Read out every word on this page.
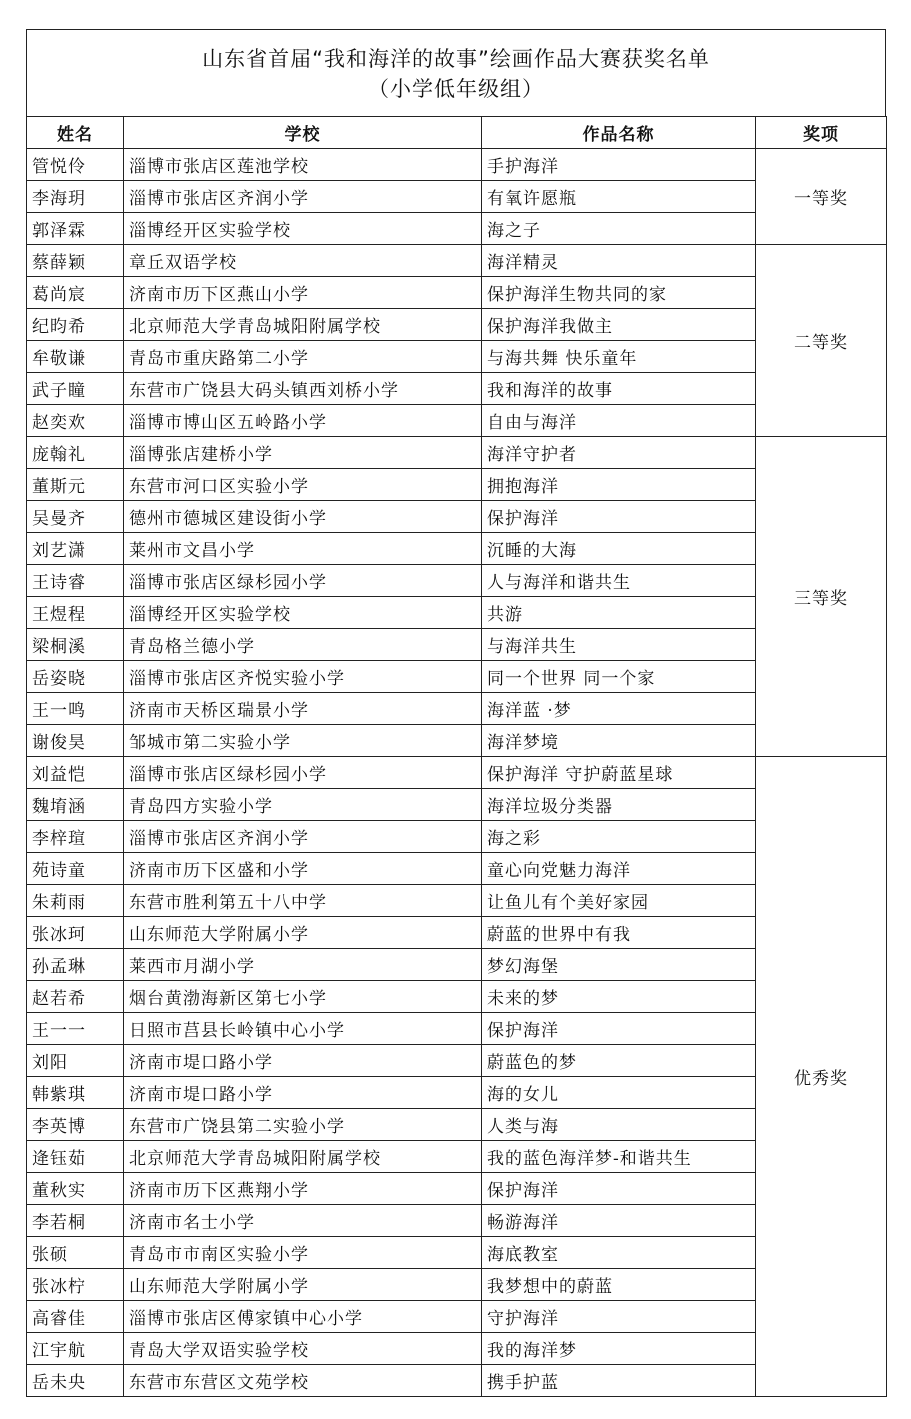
山东省首届“我和海洋的故事”绘画作品大赛获奖名单
（小学低年级组）
姓名	学校	作品名称	奖项
管悦伶	淄博市张店区莲池学校	手护海洋	一等奖
李海玥	淄博市张店区齐润小学	有氧许愿瓶	
郭泽霖	淄博经开区实验学校	海之子	
蔡薛颖	章丘双语学校	海洋精灵	二等奖
葛尚宸	济南市历下区燕山小学	保护海洋生物共同的家	
纪昀希	北京师范大学青岛城阳附属学校	保护海洋我做主	
牟敬谦	青岛市重庆路第二小学	与海共舞 快乐童年	
武子瞳	东营市广饶县大码头镇西刘桥小学	我和海洋的故事	
赵奕欢	淄博市博山区五岭路小学	自由与海洋	
庞翰礼	淄博张店建桥小学	海洋守护者	三等奖
董斯元	东营市河口区实验小学	拥抱海洋	
吴曼齐	德州市德城区建设街小学	保护海洋	
刘艺潇	莱州市文昌小学	沉睡的大海	
王诗睿	淄博市张店区绿杉园小学	人与海洋和谐共生	
王煜程	淄博经开区实验学校	共游	
梁桐溪	青岛格兰德小学	与海洋共生	
岳姿晓	淄博市张店区齐悦实验小学	同一个世界 同一个家	
王一鸣	济南市天桥区瑞景小学	海洋蓝 ·梦	
谢俊昊	邹城市第二实验小学	海洋梦境	
刘益恺	淄博市张店区绿杉园小学	保护海洋 守护蔚蓝星球	优秀奖
魏堉涵	青岛四方实验小学	海洋垃圾分类器	
李梓瑄	淄博市张店区齐润小学	海之彩	
苑诗童	济南市历下区盛和小学	童心向党魅力海洋	
朱莉雨	东营市胜利第五十八中学	让鱼儿有个美好家园	
张冰珂	山东师范大学附属小学	蔚蓝的世界中有我	
孙孟琳	莱西市月湖小学	梦幻海堡	
赵若希	烟台黄渤海新区第七小学	未来的梦	
王一一	日照市莒县长岭镇中心小学	保护海洋	
刘阳	济南市堤口路小学	蔚蓝色的梦	
韩紫琪	济南市堤口路小学	海的女儿	
李英博	东营市广饶县第二实验小学	人类与海	
逄钰茹	北京师范大学青岛城阳附属学校	我的蓝色海洋梦-和谐共生	
董秋实	济南市历下区燕翔小学	保护海洋	
李若桐	济南市名士小学	畅游海洋	
张硕	青岛市市南区实验小学	海底教室	
张冰柠	山东师范大学附属小学	我梦想中的蔚蓝	
高睿佳	淄博市张店区傅家镇中心小学	守护海洋	
江宇航	青岛大学双语实验学校	我的海洋梦	
岳未央	东营市东营区文苑学校	携手护蓝	
